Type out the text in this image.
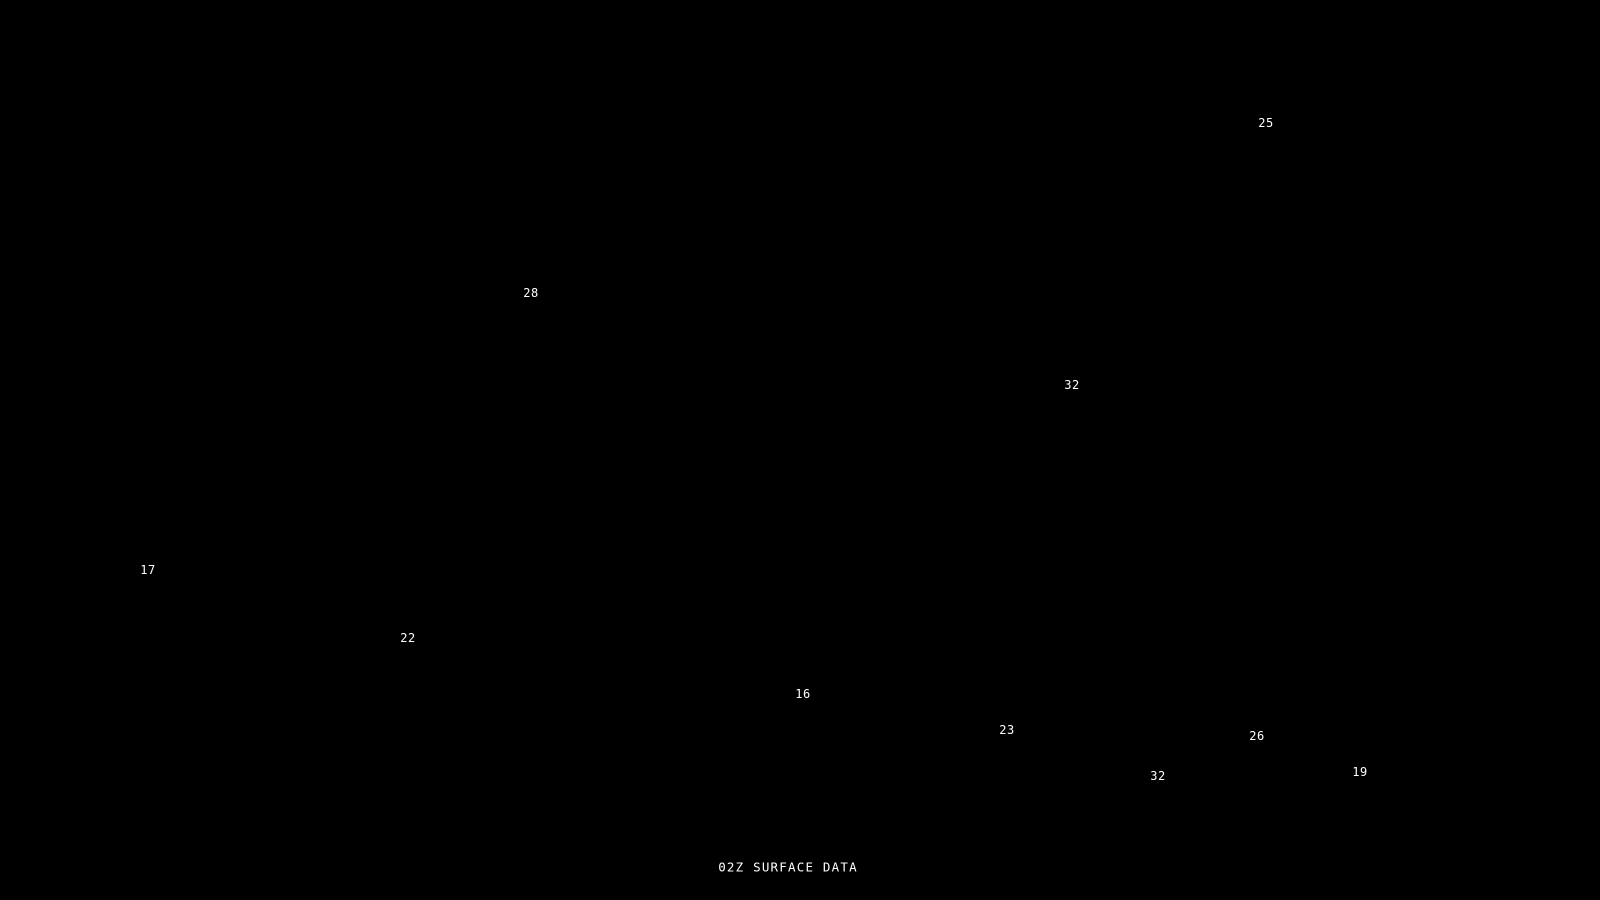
25
28
32
17
22
16
23	26
32	19
02Z SURFACE DATA
